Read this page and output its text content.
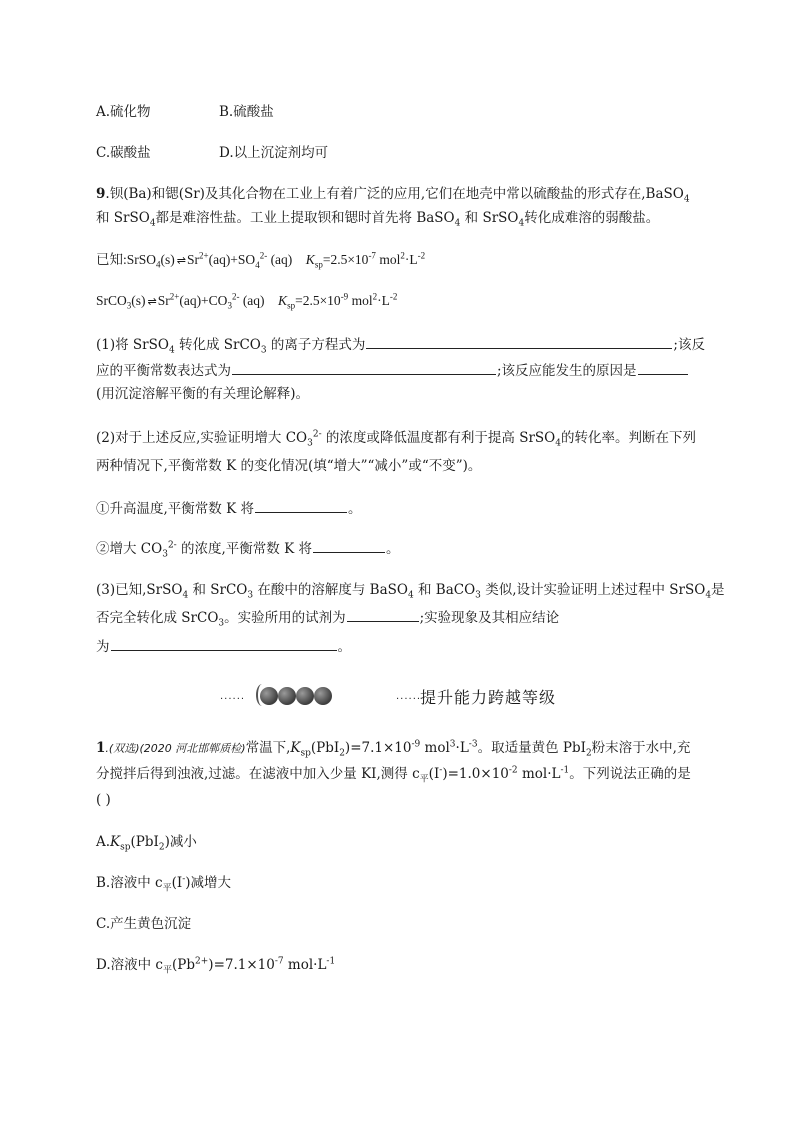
A.硫化物	B.硫酸盐
C.碳酸盐	D.以上沉淀剂均可
9.钡(Ba)和锶(Sr)及其化合物在工业上有着广泛的应用,它们在地壳中常以硫酸盐的形式存在,BaSO$_4$
和 SrSO$_4$都是难溶性盐。工业上提取钡和锶时首先将 BaSO$_4$ 和 SrSO$_4$转化成难溶的弱酸盐。
已知:SrSO$_4$(s) ⇌ $Sr^{2+}(aq)+SO_4^{2-}$ (aq)    $K_{sp}=2.5\times 10^{-7}$ $mol^2\cdot L^{-2}$
SrCO$_3$(s) ⇌ $Sr^{2+}(aq)+CO_3^{2-}$ (aq)    $K_{sp}=2.5\times 10^{-9}$ $mol^2\cdot L^{-2}$
(1)将 SrSO$_4$ 转化成 SrCO$_3$ 的离子方程式为	;该反
应的平衡常数表达式为	;该反应能发生的原因是
(用沉淀溶解平衡的有关理论解释)。
(2)对于上述反应,实验证明增大 $CO_3^{2-}$ 的浓度或降低温度都有利于提高 SrSO$_4$的转化率。判断在下列
两种情况下,平衡常数 K 的变化情况(填“增大”“减小”或“不变”)。
①升高温度,平衡常数 K 将	。
②增大 $CO_3^{2-}$ 的浓度,平衡常数 K 将	。
(3)已知,SrSO$_4$ 和 SrCO$_3$ 在酸中的溶解度与 BaSO$_4$ 和 BaCO$_3$ 类似,设计实验证明上述过程中 SrSO$_4$是
否完全转化成 SrCO$_3$。实验所用的试剂为	;实验现象及其相应结论
为	。
······	······
提升能力跨越等级
1.(双选)(2020 河北邯郸质检)常温下$,K_{sp}(PbI_2)=7.1\times 10^{-9}$ $mol^3\cdot L^{-3}$。取适量黄色 PbI$_2$粉末溶于水中,充
分搅拌后得到浊液,过滤。在滤液中加入少量 KI,测得 $c_平(I^-)=1.0\times 10^{-2}$ $mol\cdot L^{-1}$。下列说法正确的是
( )
$A.K_{sp}(PbI_2)$减小
B.溶液中 $c_平(I^-)$减增大
C.产生黄色沉淀
D.溶液中 $c_平(Pb^{2+})=7.1\times 10^{-7}$ $mol\cdot L^{-1}$
